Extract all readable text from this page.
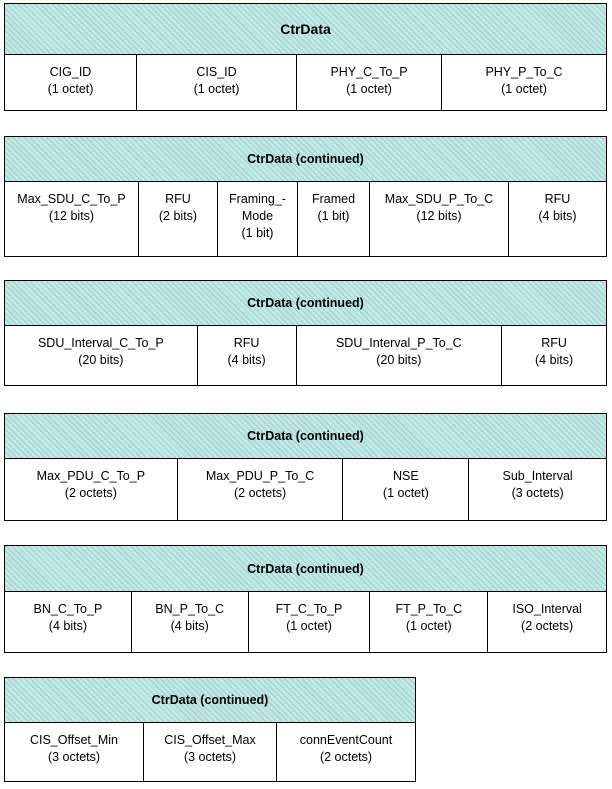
CtrData
CIG_ID
(1 octet)
CIS_ID
(1 octet)
PHY_C_To_P
(1 octet)
PHY_P_To_C
(1 octet)
CtrData (continued)
Max_SDU_C_To_P
(12 bits)
RFU
(2 bits)
Framing_-
Mode
(1 bit)
Framed
(1 bit)
Max_SDU_P_To_C
(12 bits)
RFU
(4 bits)
CtrData (continued)
SDU_Interval_C_To_P
(20 bits)
RFU
(4 bits)
SDU_Interval_P_To_C
(20 bits)
RFU
(4 bits)
CtrData (continued)
Max_PDU_C_To_P
(2 octets)
Max_PDU_P_To_C
(2 octets)
NSE
(1 octet)
Sub_Interval
(3 octets)
CtrData (continued)
BN_C_To_P
(4 bits)
BN_P_To_C
(4 bits)
FT_C_To_P
(1 octet)
FT_P_To_C
(1 octet)
ISO_Interval
(2 octets)
CtrData (continued)
CIS_Offset_Min
(3 octets)
CIS_Offset_Max
(3 octets)
connEventCount
(2 octets)
